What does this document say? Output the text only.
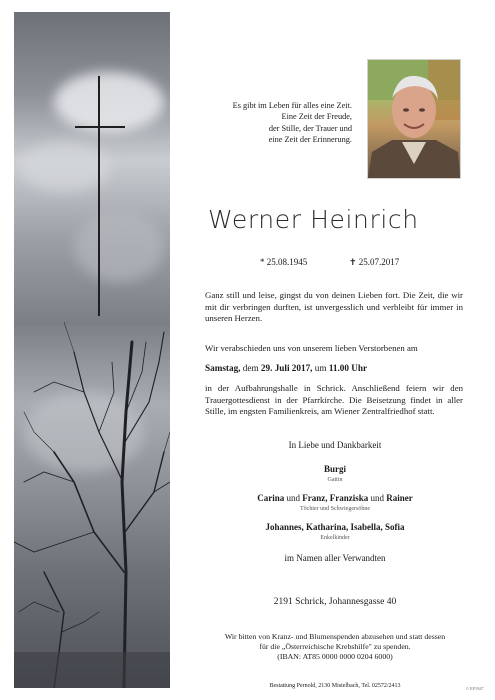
Es gibt im Leben für alles eine Zeit.
Eine Zeit der Freude,
der Stille, der Trauer und
eine Zeit der Erinnerung.
Werner Heinrich
* 25.08.1945	✝ 25.07.2017
Ganz still und leise, gingst du von deinen Lieben fort. Die Zeit, die wir mit dir verbringen durften, ist unvergesslich und verbleibt für immer in unseren Herzen.
Wir verabschieden uns von unserem lieben Verstorbenen am
Samstag, dem 29. Juli 2017, um 11.00 Uhr
in der Aufbahrungshalle in Schrick. Anschließend feiern wir den Trauergottesdienst in der Pfarrkirche. Die Beisetzung findet in aller Stille, im engsten Familienkreis, am Wiener Zentralfriedhof statt.
In Liebe und Dankbarkeit
Burgi
Gattin
Carina und Franz, Franziska und Rainer
Töchter und Schwiegersöhne
Johannes, Katharina, Isabella, Sofia
Enkelkinder
im Namen aller Verwandten
2191 Schrick, Johannesgasse 40
Wir bitten von Kranz- und Blumenspenden abzusehen und statt dessen
für die „Österreichische Krebshilfe" zu spenden.
(IBAN: AT85 0000 0000 0204 6000)
Bestattung Pernold, 2130 Mistelbach, Tel. 02572/2413	© EP 9347
